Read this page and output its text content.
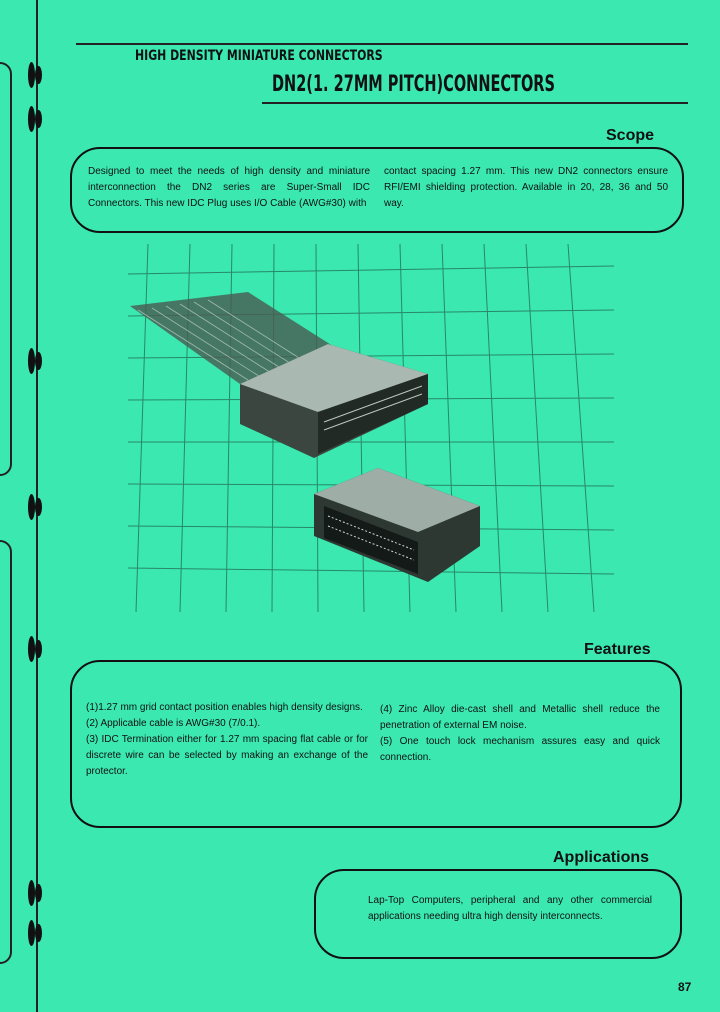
HIGH DENSITY MINIATURE CONNECTORS
DN2(1. 27MM PITCH)CONNECTORS
Scope
Designed to meet the needs of high density and miniature interconnection the DN2 series are Super-Small IDC Connectors. This new IDC Plug uses I/O Cable (AWG#30) with
contact spacing 1.27 mm. This new DN2 connectors ensure RFI/EMI shielding protection. Available in 20, 28, 36 and 50 way.
Features

(1)1.27 mm grid contact position enables high density designs.

(2) Applicable cable is AWG#30 (7/0.1).

(3) IDC Termination either for 1.27 mm spacing flat cable or for discrete wire can be selected by making an exchange of the protector.

(4) Zinc Alloy die-cast shell and Metallic shell reduce the penetration of external EM noise.

(5) One touch lock mechanism assures easy and quick connection.

Applications
Lap-Top Computers, peripheral and any other commercial applications needing ultra high density interconnects.
87
